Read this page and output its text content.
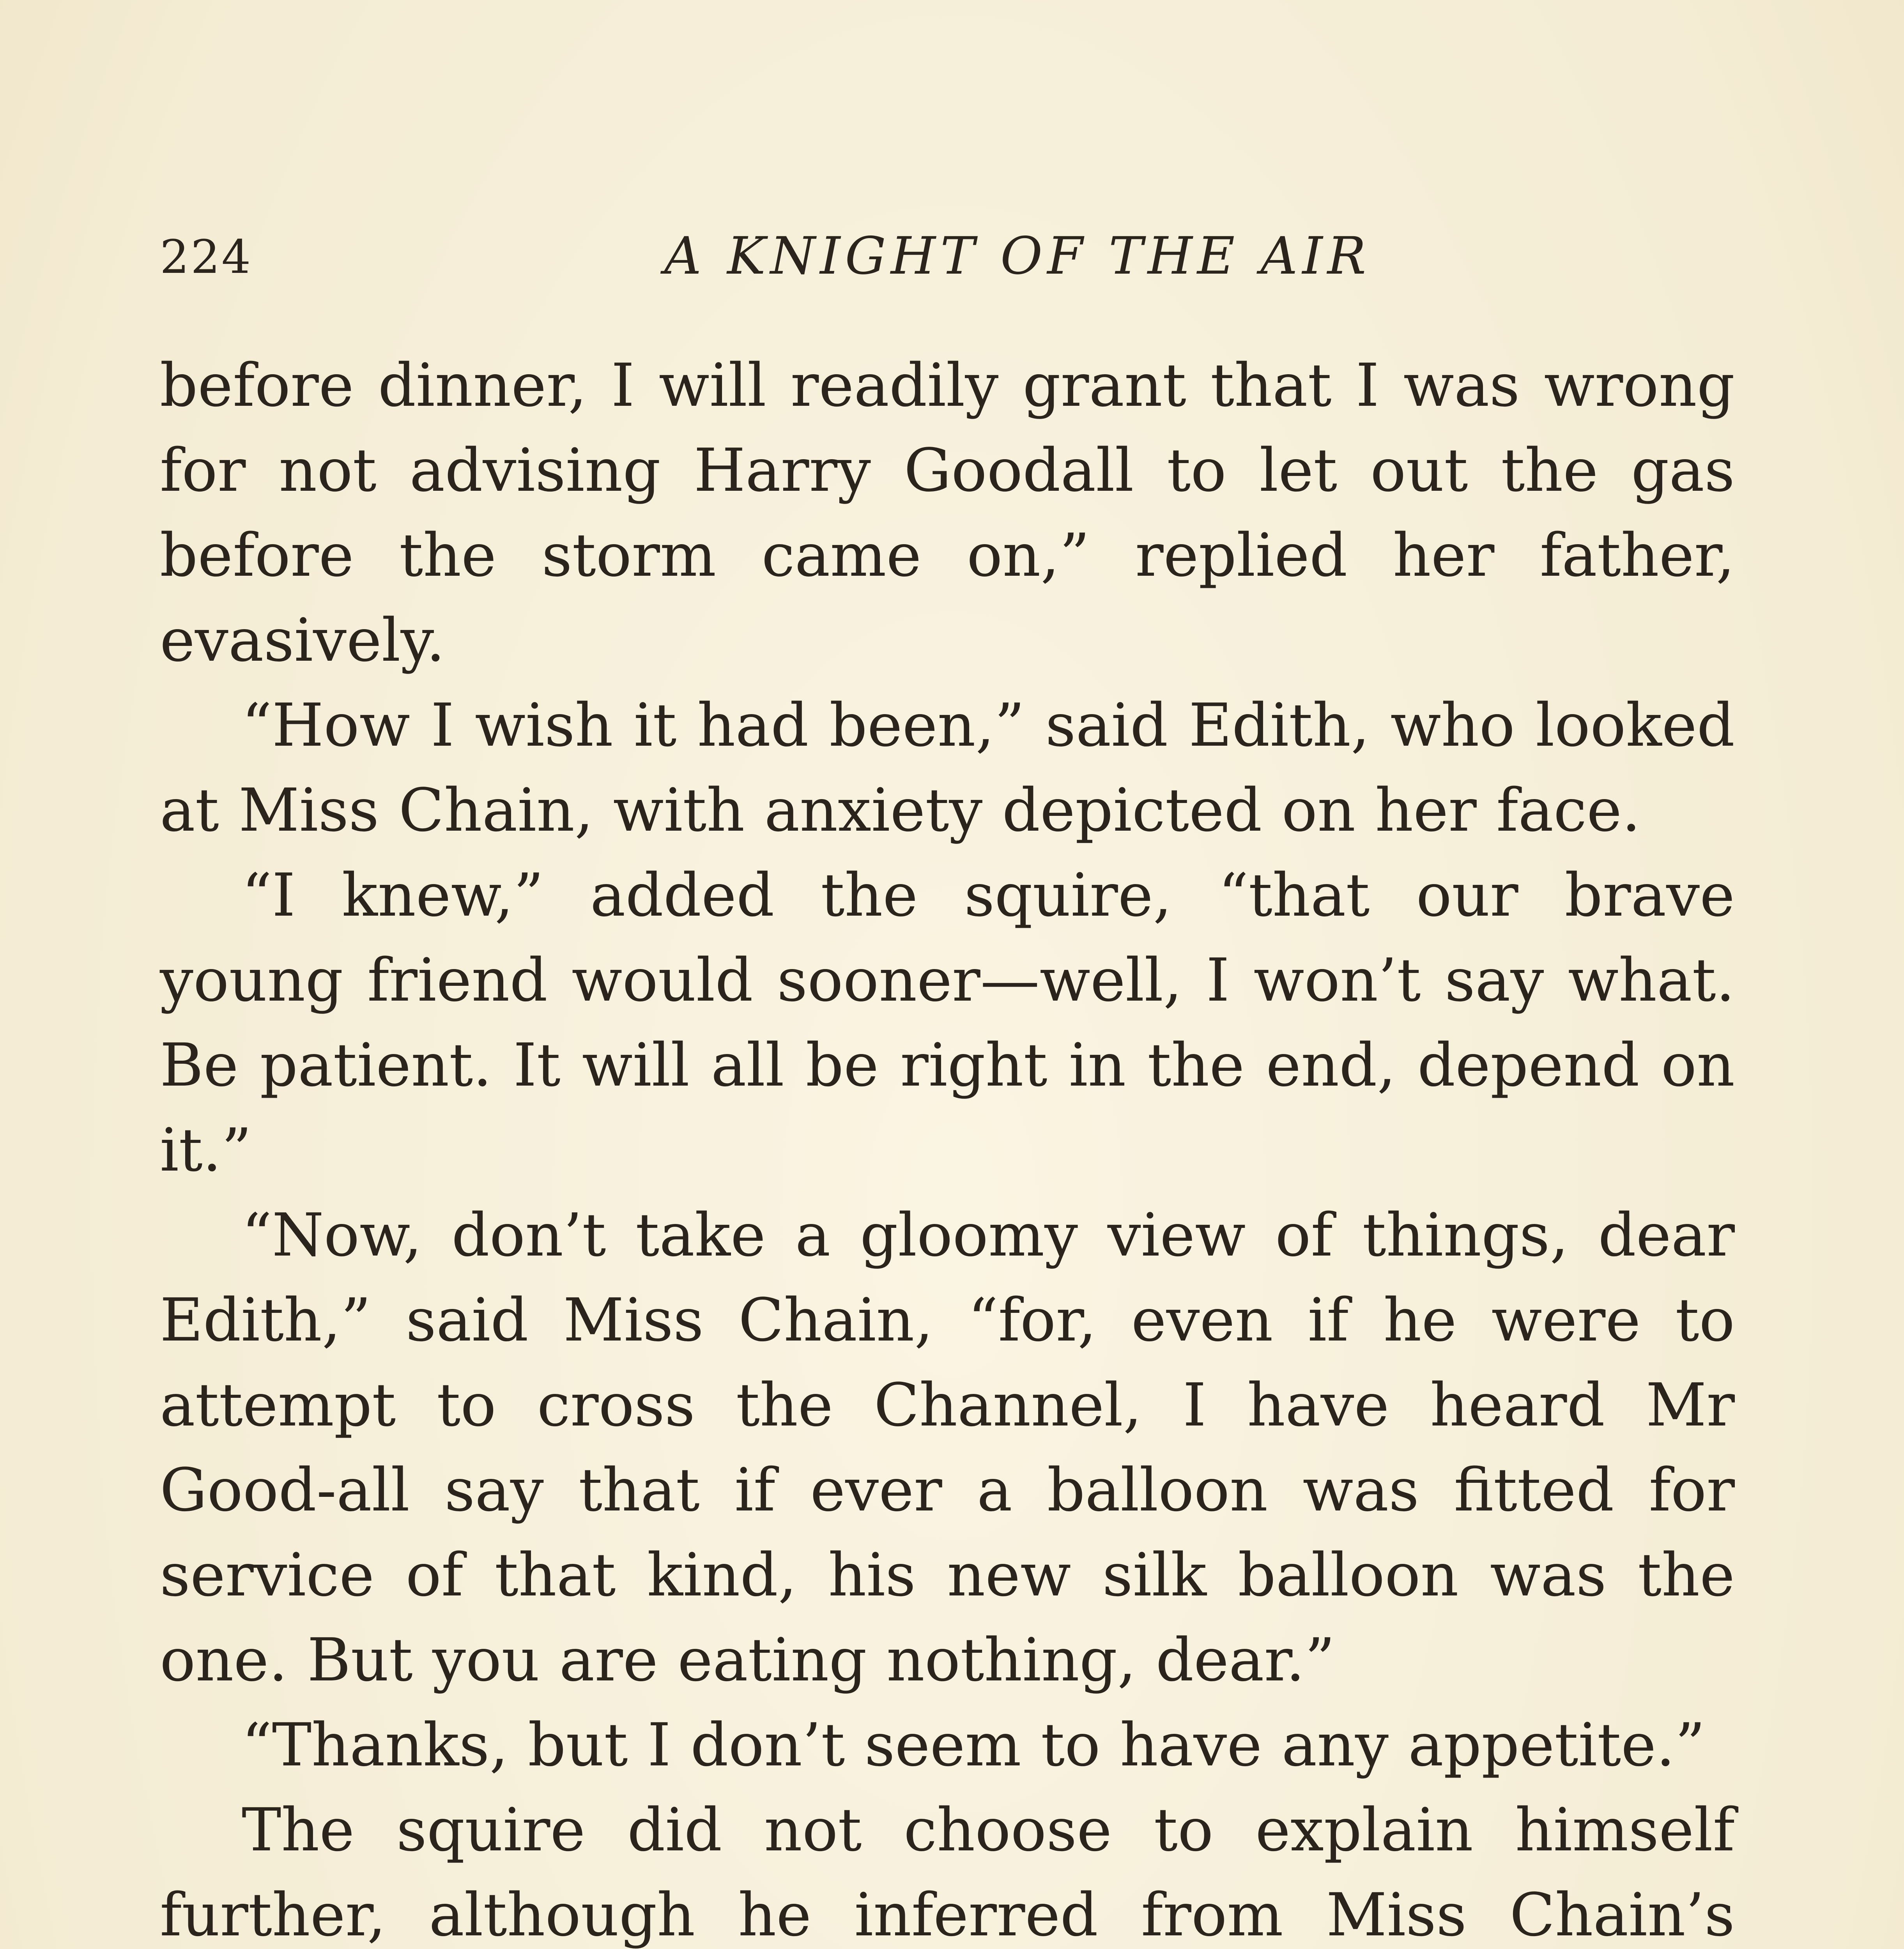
224	A KNIGHT OF THE AIR

before dinner, I will readily grant that I was wrong for not advising Harry Goodall to let out the gas before the storm came on,” replied her father, evasively.

“How I wish it had been,” said Edith, who looked at Miss Chain, with anxiety depicted on her face.

“I knew,” added the squire, “that our brave young friend would sooner—well, I won’t say what. Be patient. It will all be right in the end, depend on it.”

“Now, don’t take a gloomy view of things, dear Edith,” said Miss Chain, “for, even if he were to attempt to cross the Channel, I have heard Mr Good-all say that if ever a balloon was fitted for service of that kind, his new silk balloon was the one. But you are eating nothing, dear.”

“Thanks, but I don’t seem to have any appetite.”

The squire did not choose to explain himself further, although he inferred from Miss Chain’s
